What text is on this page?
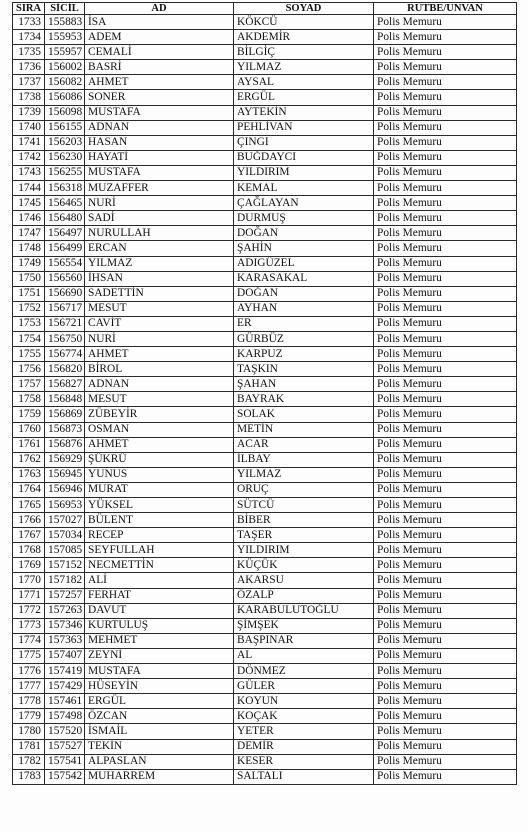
SIRA	SİCİL	AD	SOYAD	RÜTBE/UNVAN
1733	155883	İSA	KÖKCÜ	Polis Memuru
1734	155953	ADEM	AKDEMİR	Polis Memuru
1735	155957	CEMALİ	BİLGİÇ	Polis Memuru
1736	156002	BASRİ	YILMAZ	Polis Memuru
1737	156082	AHMET	AYSAL	Polis Memuru
1738	156086	SONER	ERGÜL	Polis Memuru
1739	156098	MUSTAFA	AYTEKİN	Polis Memuru
1740	156155	ADNAN	PEHLİVAN	Polis Memuru
1741	156203	HASAN	ÇINGI	Polis Memuru
1742	156230	HAYATİ	BUĞDAYCI	Polis Memuru
1743	156255	MUSTAFA	YILDIRIM	Polis Memuru
1744	156318	MUZAFFER	KEMAL	Polis Memuru
1745	156465	NURİ	ÇAĞLAYAN	Polis Memuru
1746	156480	SADİ	DURMUŞ	Polis Memuru
1747	156497	NURULLAH	DOĞAN	Polis Memuru
1748	156499	ERCAN	ŞAHİN	Polis Memuru
1749	156554	YILMAZ	ADIGÜZEL	Polis Memuru
1750	156560	İHSAN	KARASAKAL	Polis Memuru
1751	156690	SADETTİN	DOĞAN	Polis Memuru
1752	156717	MESUT	AYHAN	Polis Memuru
1753	156721	CAVİT	ER	Polis Memuru
1754	156750	NURİ	GÜRBÜZ	Polis Memuru
1755	156774	AHMET	KARPUZ	Polis Memuru
1756	156820	BİROL	TAŞKIN	Polis Memuru
1757	156827	ADNAN	ŞAHAN	Polis Memuru
1758	156848	MESUT	BAYRAK	Polis Memuru
1759	156869	ZÜBEYİR	SOLAK	Polis Memuru
1760	156873	OSMAN	METİN	Polis Memuru
1761	156876	AHMET	ACAR	Polis Memuru
1762	156929	ŞÜKRÜ	İLBAY	Polis Memuru
1763	156945	YUNUS	YILMAZ	Polis Memuru
1764	156946	MURAT	ORUÇ	Polis Memuru
1765	156953	YÜKSEL	SÜTCÜ	Polis Memuru
1766	157027	BÜLENT	BİBER	Polis Memuru
1767	157034	RECEP	TAŞER	Polis Memuru
1768	157085	SEYFULLAH	YILDIRIM	Polis Memuru
1769	157152	NECMETTİN	KÜÇÜK	Polis Memuru
1770	157182	ALİ	AKARSU	Polis Memuru
1771	157257	FERHAT	ÖZALP	Polis Memuru
1772	157263	DAVUT	KARABULUTOĞLU	Polis Memuru
1773	157346	KURTULUŞ	ŞİMŞEK	Polis Memuru
1774	157363	MEHMET	BAŞPINAR	Polis Memuru
1775	157407	ZEYNİ	AL	Polis Memuru
1776	157419	MUSTAFA	DÖNMEZ	Polis Memuru
1777	157429	HÜSEYİN	GÜLER	Polis Memuru
1778	157461	ERGÜL	KOYUN	Polis Memuru
1779	157498	ÖZCAN	KOÇAK	Polis Memuru
1780	157520	İSMAİL	YETER	Polis Memuru
1781	157527	TEKİN	DEMİR	Polis Memuru
1782	157541	ALPASLAN	KESER	Polis Memuru
1783	157542	MUHARREM	SALTALI	Polis Memuru
